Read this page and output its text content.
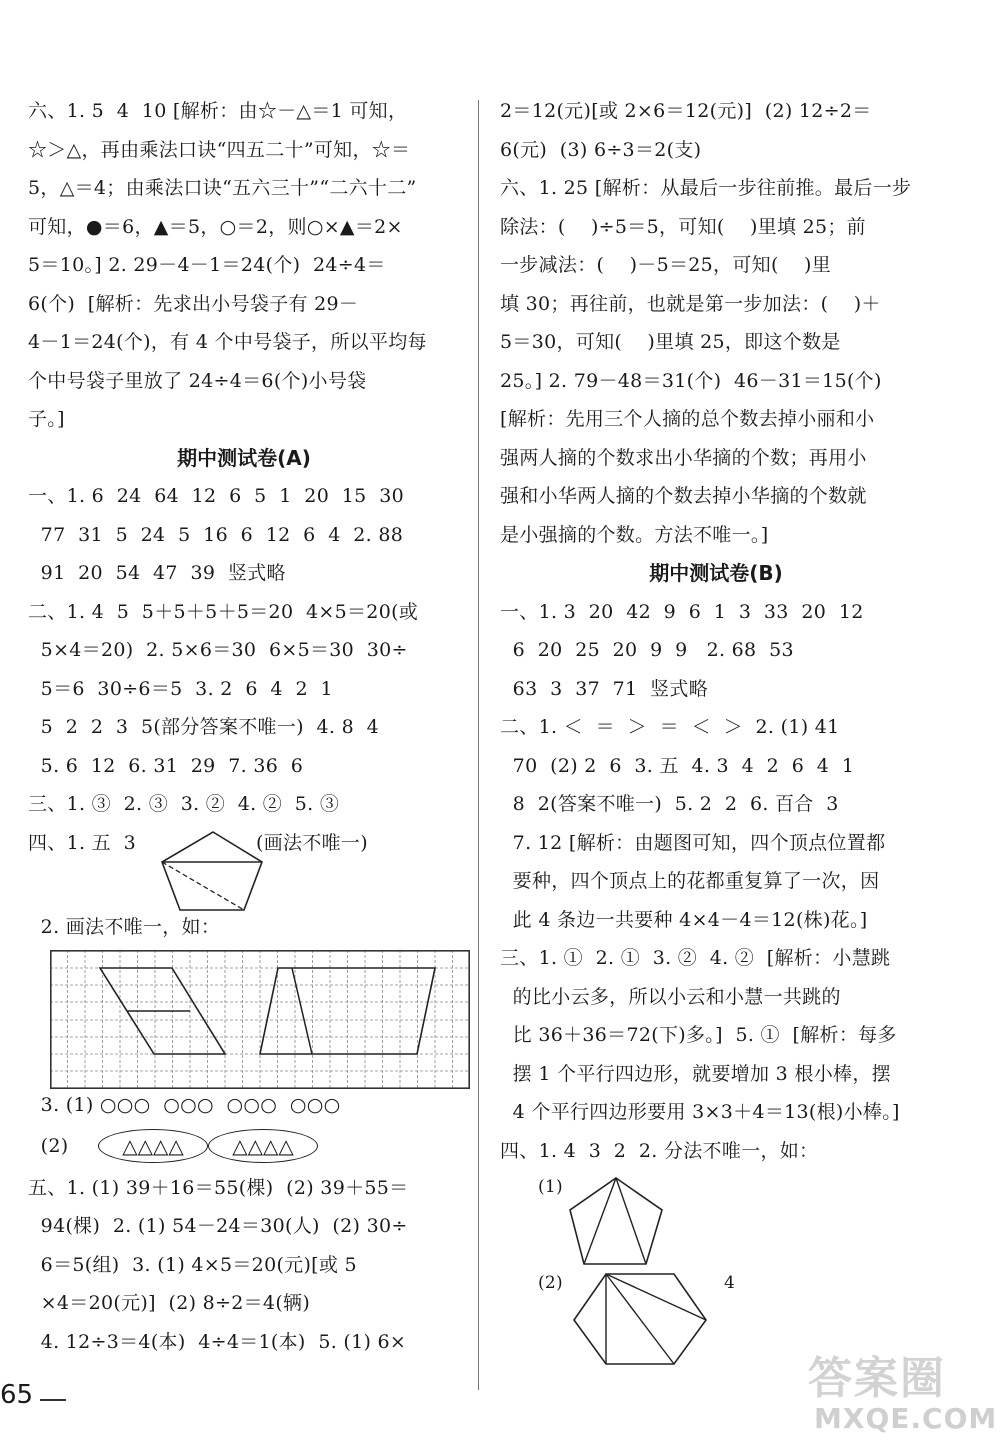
六、1. 5  4  10 [解析：由☆－△＝1 可知，
☆＞△，再由乘法口诀“四五二十”可知，☆＝
5，△＝4；由乘法口诀“五六三十”“二六十二”
可知，●＝6，▲＝5，○＝2，则○×▲＝2×
5＝10。] 2. 29－4－1＝24(个)  24÷4＝
6(个)  [解析：先求出小号袋子有 29－
4－1＝24(个)，有 4 个中号袋子，所以平均每
个中号袋子里放了 24÷4＝6(个)小号袋
子。]
期中测试卷(A)
一、1. 6  24  64  12  6  5  1  20  15  30
77  31  5  24  5  16  6  12  6  4  2. 88
91  20  54  47  39  竖式略
二、1. 4  5  5＋5＋5＋5＝20  4×5＝20(或
5×4＝20)  2. 5×6＝30  6×5＝30  30÷
5＝6  30÷6＝5  3. 2  6  4  2  1
5  2  2  3  5(部分答案不唯一)  4. 8  4
5. 6  12  6. 31  29  7. 36  6
三、1. ③  2. ③  3. ②  4. ②  5. ③
四、1. 五  3	(画法不唯一)
2. 画法不唯一，如：
3. (1) ○○○  ○○○  ○○○  ○○○
(2)	△△△△	△△△△
五、1. (1) 39＋16＝55(棵)  (2) 39＋55＝
94(棵)  2. (1) 54－24＝30(人)  (2) 30÷
6＝5(组)  3. (1) 4×5＝20(元)[或 5
×4＝20(元)]  (2) 8÷2＝4(辆)
4. 12÷3＝4(本)  4÷4＝1(本)  5. (1) 6×
2＝12(元)[或 2×6＝12(元)]  (2) 12÷2＝
6(元)  (3) 6÷3＝2(支)
六、1. 25 [解析：从最后一步往前推。最后一步
除法：(    )÷5＝5，可知(    )里填 25；前
一步减法：(    )－5＝25，可知(    )里
填 30；再往前，也就是第一步加法：(    )＋
5＝30，可知(    )里填 25，即这个数是
25。] 2. 79－48＝31(个)  46－31＝15(个)
[解析：先用三个人摘的总个数去掉小丽和小
强两人摘的个数求出小华摘的个数；再用小
强和小华两人摘的个数去掉小华摘的个数就
是小强摘的个数。方法不唯一。]
期中测试卷(B)
一、1. 3  20  42  9  6  1  3  33  20  12
6  20  25  20  9  9   2. 68  53
63  3  37  71  竖式略
二、1. ＜  ＝  ＞  ＝  ＜  ＞  2. (1) 41
70  (2) 2  6  3. 五  4. 3  4  2  6  4  1
8  2(答案不唯一)  5. 2  2  6. 百合  3
7. 12 [解析：由题图可知，四个顶点位置都
要种，四个顶点上的花都重复算了一次，因
此 4 条边一共要种 4×4－4＝12(株)花。]
三、1. ①  2. ①  3. ②  4. ②  [解析：小慧跳
的比小云多，所以小云和小慧一共跳的
比 36＋36＝72(下)多。]  5. ①  [解析：每多
摆 1 个平行四边形，就要增加 3 根小棒，摆
4 个平行四边形要用 3×3＋4＝13(根)小棒。]
四、1. 4  3  2  2. 分法不唯一，如：
(1)
(2)	4
65	答案圈
MXQE.COM
